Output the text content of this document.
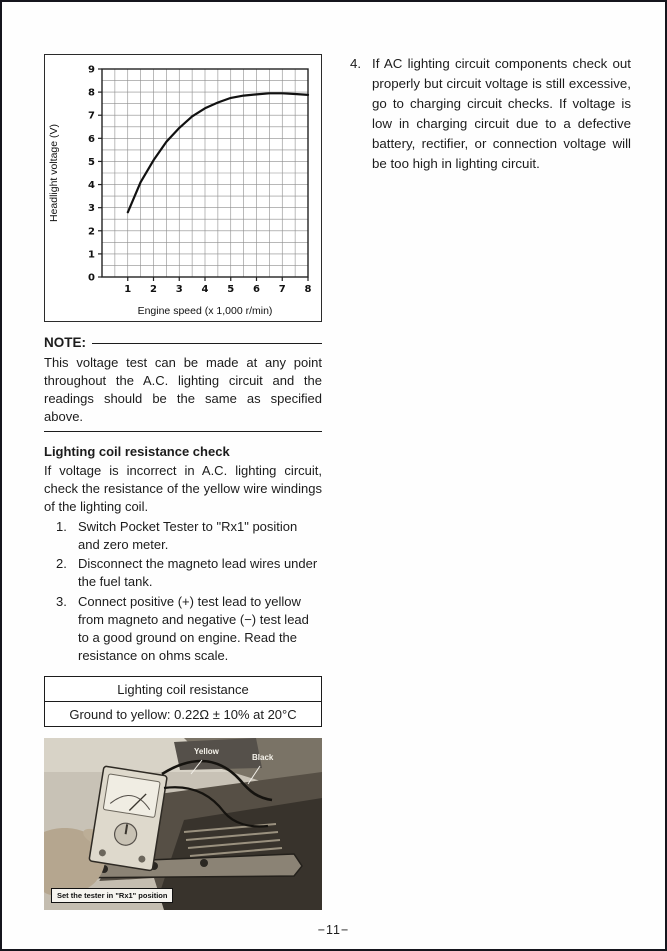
0
1
2
3
4
5
6
7
8
9
1 2 3 4 5 6 7 8
Engine speed (x 1,000 r/min)
Headlight voltage (V)
NOTE:
This voltage test can be made at any point throughout the A.C. lighting circuit and the readings should be the same as specified above.
Lighting coil resistance check
If voltage is incorrect in A.C. lighting circuit, check the resistance of the yellow wire windings of the lighting coil.
1. Switch Pocket Tester to "Rx1" position and zero meter.
2. Disconnect the magneto lead wires under the fuel tank.
3. Connect positive (+) test lead to yellow from magneto and negative (−) test lead to a good ground on engine. Read the resistance on ohms scale.
Lighting coil resistance
Ground to yellow: 0.22Ω ± 10% at 20°C
Yellow
Black
Set the tester in "Rx1" position
4. If AC lighting circuit components check out properly but circuit voltage is still excessive, go to charging circuit checks. If voltage is low in charging circuit due to a defective battery, rectifier, or connection voltage will be too high in lighting circuit.
−11−
